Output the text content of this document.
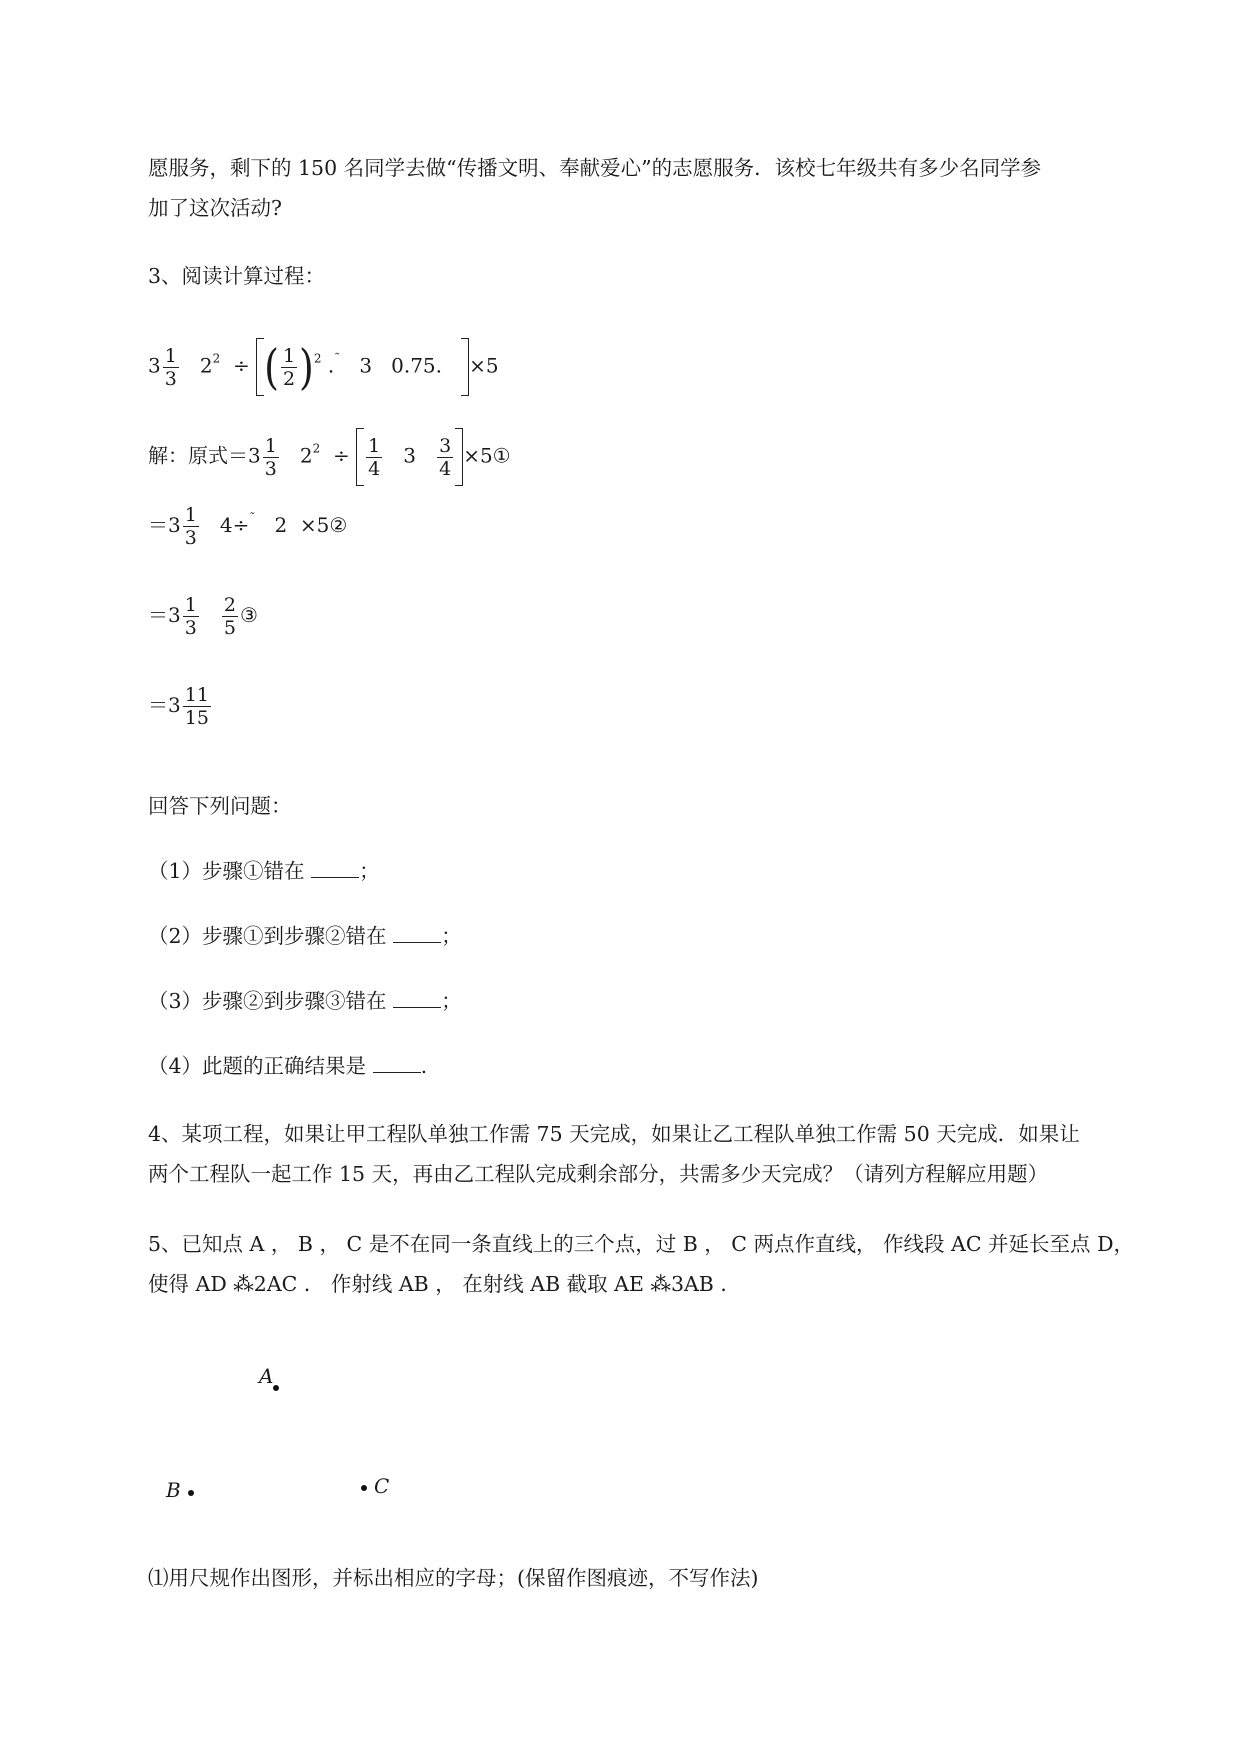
愿服务，剩下的 150 名同学去做“传播文明、奉献爱心”的志愿服务．该校七年级共有多少名同学参
加了这次活动?
3、阅读计算过程：
$3 \frac{1}{3} 2^2$ ÷ ( $\frac{1}{2} )^2$ .˜ 3 0.75. ×5
解：原式$=3 \frac{1}{3} 2^2 \div \frac{1}{4} 3 \frac{3}{4}$ ×5①
$=3 \frac{1}{3} 4\div^˜$ 2 ×5②
$=3 \frac{1}{3}$
$\frac{2}{5}$ ③
$=3 \frac{11}{15}$
回答下列问题：
（1）步骤①错在	；
（2）步骤①到步骤②错在	；
（3）步骤②到步骤③错在	；
（4）此题的正确结果是	.
4、某项工程，如果让甲工程队单独工作需 75 天完成，如果让乙工程队单独工作需 50 天完成．如果让
两个工程队一起工作 15 天，再由乙工程队完成剩余部分，共需多少天完成？（请列方程解应用题）
5、已知点 A ， B ， C 是不在同一条直线上的三个点，过 B ， C 两点作直线， 作线段 AC 并延长至点 D，
使得 AD ⁂2AC ． 作射线 AB ， 在射线 AB 截取 AE ⁂3AB ．
A
B	C
⑴用尺规作出图形，并标出相应的字母；(保留作图痕迹，不写作法)
